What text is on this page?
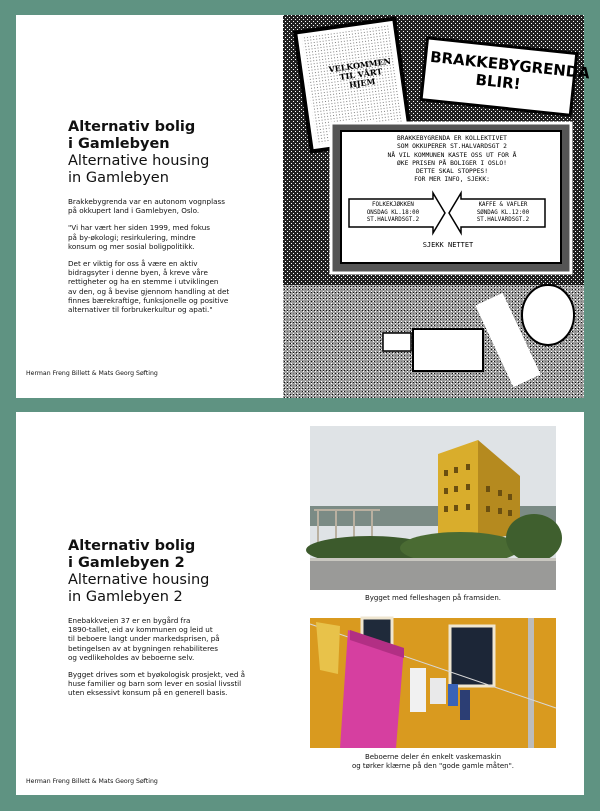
Alternativ bolig
i Gamlebyen
Alternative housing
in Gamlebyen

Brakkebygrenda var en autonom vognplass
på okkupert land i Gamlebyen, Oslo.

"Vi har vært her siden 1999, med fokus
på by-økologi; resirkulering, mindre
konsum og mer sosial boligpolitikk.

Det er viktig for oss å være en aktiv
bidragsyter i denne byen, å kreve våre
rettigheter og ha en stemme i utviklingen
av den, og å bevise gjennom handling at det
finnes bærekraftige, funksjonelle og positive
alternativer til forbrukerkultur og apati."

Herman Freng Billett & Mats Georg Søfting
VELKOMMEN
TIL VÅRT
HJEM
BRAKKEBYGRENDA
BLIR!
BRAKKEBYGRENDA ER KOLLEKTIVET
SOM OKKUPERER ST.HALVARDSGT 2
NÅ VIL KOMMUNEN KASTE OSS UT FOR Å
ØKE PRISEN PÅ BOLIGER I OSLO!
DETTE SKAL STOPPES!
FOR MER INFO, SJEKK:
FOLKEKJØKKEN
ONSDAG KL.18:00
ST.HALVARDSGT.2
KAFFE & VAFLER
SØNDAG KL.12:00
ST.HALVARDSGT.2
SJEKK NETTET
Alternativ bolig
i Gamlebyen 2
Alternative housing
in Gamlebyen 2

Enebakkveien 37 er en bygård fra
1890-tallet, eid av kommunen og leid ut
til beboere langt under markedsprisen, på
betingelsen av at bygningen rehabiliteres
og vedlikeholdes av beboerne selv.

Bygget drives som et byøkologisk prosjekt, ved å
huse familier og barn som lever en sosial livsstil
uten eksessivt konsum på en generell basis.

Herman Freng Billett & Mats Georg Søfting
Bygget med felleshagen på framsiden.
Beboerne deler én enkelt vaskemaskin
og tørker klærne på den "gode gamle måten".
